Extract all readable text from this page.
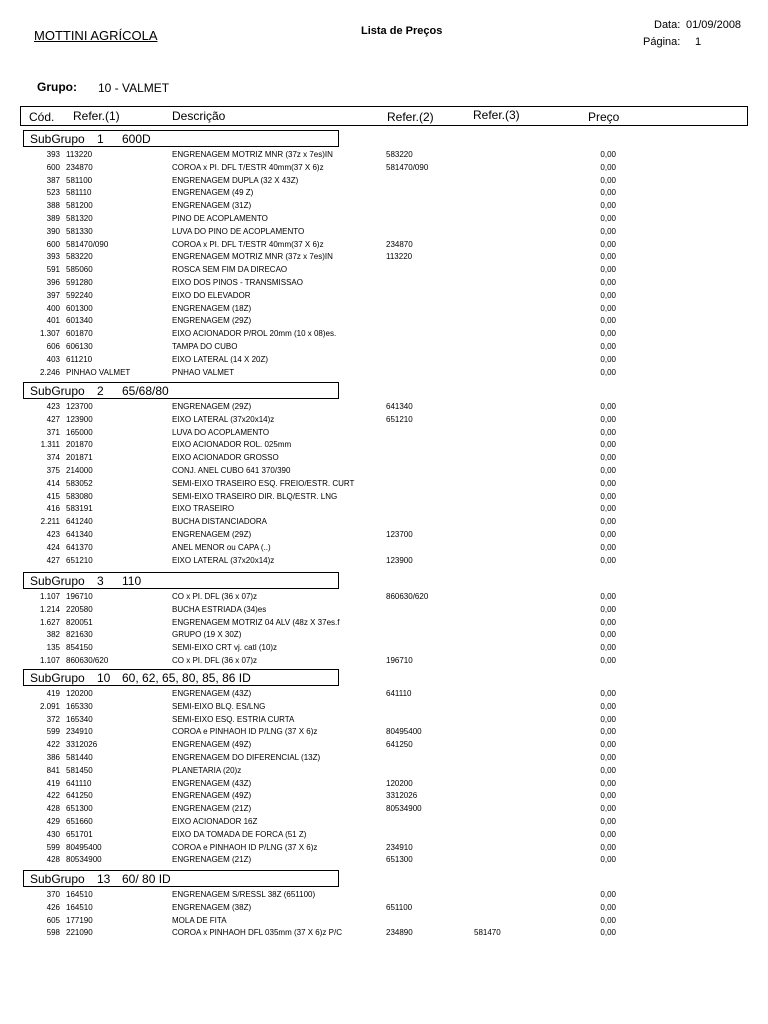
MOTTINI AGRÍCOLA	Lista de Preços	Data: 01/09/2008
Página: 1
Grupo: 10 - VALMET
Cód. Refer.(1)	Descrição	Refer.(2)	Refer.(3)	Preço
SubGrupo 1 600D
393 113220	ENGRENAGEM MOTRIZ MNR (37z x 7es)IN	583220	0,00
600 234870	COROA x PI. DFL T/ESTR 40mm(37 X 6)z	581470/090	0,00
387 581100	ENGRENAGEM DUPLA (32 X 43Z)	0,00
523 581110	ENGRENAGEM (49 Z)	0,00
388 581200	ENGRENAGEM (31Z)	0,00
389 581320	PINO DE ACOPLAMENTO	0,00
390 581330	LUVA DO PINO DE ACOPLAMENTO	0,00
600 581470/090	COROA x PI. DFL T/ESTR 40mm(37 X 6)z	234870	0,00
393 583220	ENGRENAGEM MOTRIZ MNR (37z x 7es)IN	113220	0,00
591 585060	ROSCA SEM FIM DA DIRECAO	0,00
396 591280	EIXO DOS PINOS - TRANSMISSAO	0,00
397 592240	EIXO DO ELEVADOR	0,00
400 601300	ENGRENAGEM (18Z)	0,00
401 601340	ENGRENAGEM (29Z)	0,00
1.307 601870	EIXO ACIONADOR P/ROL 20mm (10 x 08)es.	0,00
606 606130	TAMPA DO CUBO	0,00
403 611210	EIXO LATERAL (14 X 20Z)	0,00
2.246 PINHAO VALMET	PNHAO VALMET	0,00
SubGrupo 2 65/68/80
423 123700	ENGRENAGEM (29Z)	641340	0,00
427 123900	EIXO LATERAL (37x20x14)z	651210	0,00
371 165000	LUVA DO ACOPLAMENTO	0,00
1.311 201870	EIXO ACIONADOR ROL. 025mm	0,00
374 201871	EIXO ACIONADOR GROSSO	0,00
375 214000	CONJ. ANEL CUBO 641 370/390	0,00
414 583052	SEMI-EIXO TRASEIRO ESQ. FREIO/ESTR. CURT	0,00
415 583080	SEMI-EIXO TRASEIRO DIR. BLQ/ESTR. LNG	0,00
416 583191	EIXO TRASEIRO	0,00
2.211 641240	BUCHA DISTANCIADORA	0,00
423 641340	ENGRENAGEM (29Z)	123700	0,00
424 641370	ANEL MENOR ou CAPA (..)	0,00
427 651210	EIXO LATERAL (37x20x14)z	123900	0,00
SubGrupo 3 110
1.107 196710	CO x PI. DFL (36 x 07)z	860630/620	0,00
1.214 220580	BUCHA ESTRIADA (34)es	0,00
1.627 820051	ENGRENAGEM MOTRIZ 04 ALV (48z X 37es.f	0,00
382 821630	GRUPO (19 X 30Z)	0,00
135 854150	SEMI-EIXO CRT vj. catl (10)z	0,00
1.107 860630/620	CO x PI. DFL (36 x 07)z	196710	0,00
SubGrupo 10 60, 62, 65, 80, 85, 86 ID
419 120200	ENGRENAGEM (43Z)	641110	0,00
2.091 165330	SEMI-EIXO BLQ. ES/LNG	0,00
372 165340	SEMI-EIXO ESQ. ESTRIA CURTA	0,00
599 234910	COROA e PINHAOH ID P/LNG (37 X 6)z	80495400	0,00
422 3312026	ENGRENAGEM (49Z)	641250	0,00
386 581440	ENGRENAGEM DO DIFERENCIAL (13Z)	0,00
841 581450	PLANETARIA (20)z	0,00
419 641110	ENGRENAGEM (43Z)	120200	0,00
422 641250	ENGRENAGEM (49Z)	3312026	0,00
428 651300	ENGRENAGEM (21Z)	80534900	0,00
429 651660	EIXO ACIONADOR 16Z	0,00
430 651701	EIXO DA TOMADA DE FORCA (51 Z)	0,00
599 80495400	COROA e PINHAOH ID P/LNG (37 X 6)z	234910	0,00
428 80534900	ENGRENAGEM (21Z)	651300	0,00
SubGrupo 13 60/ 80 ID
370 164510	ENGRENAGEM S/RESSL 38Z (651100)	0,00
426 164510	ENGRENAGEM (38Z)	651100	0,00
605 177190	MOLA DE FITA	0,00
598 221090	COROA x PINHAOH DFL 035mm (37 X 6)z P/C	234890	581470	0,00
